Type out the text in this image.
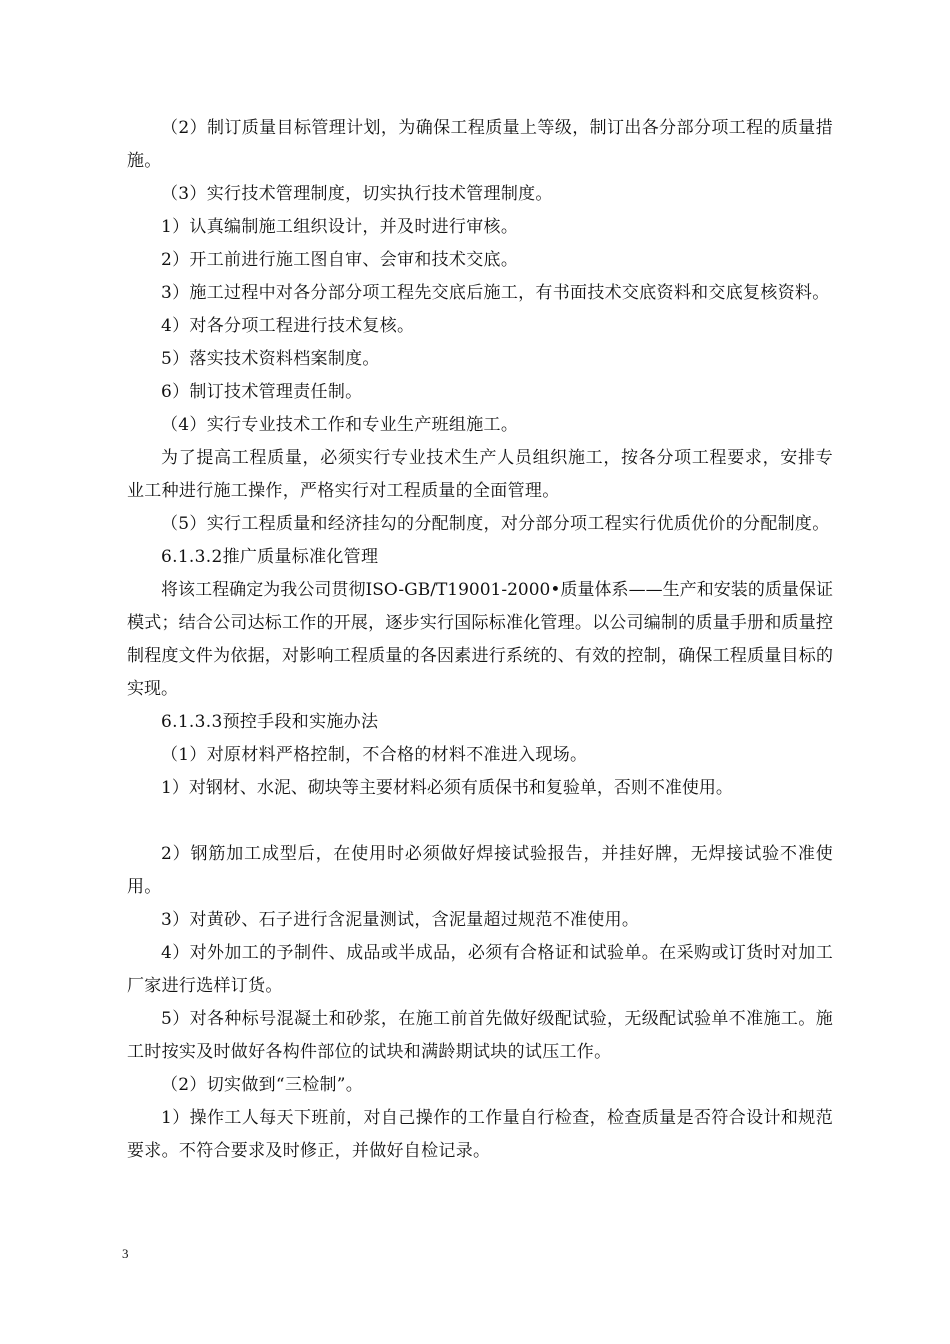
（2）制订质量目标管理计划，为确保工程质量上等级，制订出各分部分项工程的质量措施。

（3）实行技术管理制度，切实执行技术管理制度。

1）认真编制施工组织设计，并及时进行审核。

2）开工前进行施工图自审、会审和技术交底。

3）施工过程中对各分部分项工程先交底后施工，有书面技术交底资料和交底复核资料。

4）对各分项工程进行技术复核。

5）落实技术资料档案制度。

6）制订技术管理责任制。

（4）实行专业技术工作和专业生产班组施工。

为了提高工程质量，必须实行专业技术生产人员组织施工，按各分项工程要求，安排专业工种进行施工操作，严格实行对工程质量的全面管理。

（5）实行工程质量和经济挂勾的分配制度，对分部分项工程实行优质优价的分配制度。

6.1.3.2推广质量标准化管理

将该工程确定为我公司贯彻ISO-GB/T19001-2000•质量体系——生产和安装的质量保证模式；结合公司达标工作的开展，逐步实行国际标准化管理。以公司编制的质量手册和质量控制程度文件为依据，对影响工程质量的各因素进行系统的、有效的控制，确保工程质量目标的实现。

6.1.3.3预控手段和实施办法

（1）对原材料严格控制，不合格的材料不准进入现场。

1）对钢材、水泥、砌块等主要材料必须有质保书和复验单，否则不准使用。

2）钢筋加工成型后，在使用时必须做好焊接试验报告，并挂好牌，无焊接试验不准使用。

3）对黄砂、石子进行含泥量测试，含泥量超过规范不准使用。

4）对外加工的予制件、成品或半成品，必须有合格证和试验单。在采购或订货时对加工厂家进行选样订货。

5）对各种标号混凝土和砂浆，在施工前首先做好级配试验，无级配试验单不准施工。施工时按实及时做好各构件部位的试块和满龄期试块的试压工作。

（2）切实做到“三检制”。

1）操作工人每天下班前，对自己操作的工作量自行检查，检查质量是否符合设计和规范要求。不符合要求及时修正，并做好自检记录。

3
